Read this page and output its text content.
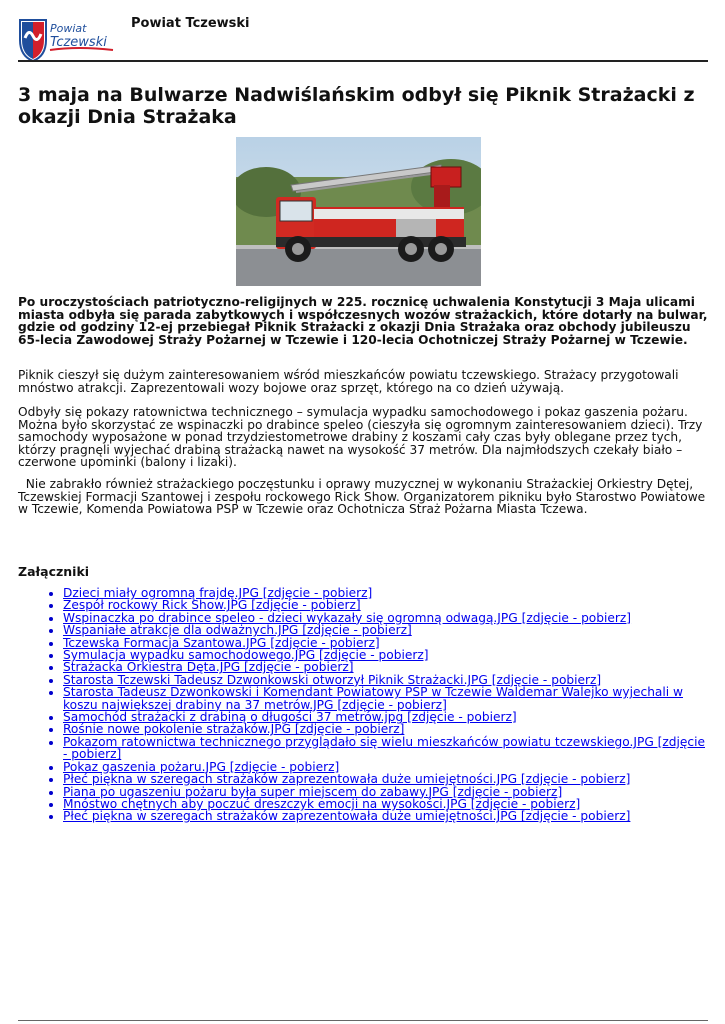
Powiat
Tczewski
Powiat Tczewski
3 maja na Bulwarze Nadwiślańskim odbył się Piknik Strażacki z okazji Dnia Strażaka

Po uroczystościach patriotyczno-religijnych w 225. rocznicę uchwalenia Konstytucji 3 Maja ulicami miasta odbyła się parada zabytkowych i współczesnych wozów strażackich, które dotarły na bulwar, gdzie od godziny 12-ej przebiegał Piknik Strażacki z okazji Dnia Strażaka oraz obchody jubileuszu 65-lecia Zawodowej Straży Pożarnej w Tczewie i 120-lecia Ochotniczej Straży Pożarnej w Tczewie.

Piknik cieszył się dużym zainteresowaniem wśród mieszkańców powiatu tczewskiego. Strażacy przygotowali mnóstwo atrakcji. Zaprezentowali wozy bojowe oraz sprzęt, którego na co dzień używają.

Odbyły się pokazy ratownictwa technicznego – symulacja wypadku samochodowego i pokaz gaszenia pożaru. Można było skorzystać ze wspinaczki po drabince speleo (cieszyła się ogromnym zainteresowaniem dzieci). Trzy samochody wyposażone w ponad trzydziestometrowe drabiny z koszami cały czas były oblegane przez tych, którzy pragnęli wyjechać drabiną strażacką nawet na wysokość 37 metrów. Dla najmłodszych czekały biało – czerwone upominki (balony i lizaki).

Nie zabrakło również strażackiego poczęstunku i oprawy muzycznej w wykonaniu Strażackiej Orkiestry Dętej, Tczewskiej Formacji Szantowej i zespołu rockowego Rick Show. Organizatorem pikniku było Starostwo Powiatowe w Tczewie, Komenda Powiatowa PSP w Tczewie oraz Ochotnicza Straż Pożarna Miasta Tczewa.

Załączniki
• Dzieci miały ogromną frajdę.JPG [zdjęcie - pobierz]
• Zespół rockowy Rick Show.JPG [zdjęcie - pobierz]
• Wspinaczka po drabince speleo - dzieci wykazały się ogromną odwagą.JPG [zdjęcie - pobierz]
• Wspaniałe atrakcje dla odważnych.JPG [zdjęcie - pobierz]
• Tczewska Formacja Szantowa.JPG [zdjęcie - pobierz]
• Symulacja wypadku samochodowego.JPG [zdjęcie - pobierz]
• Strażacka Orkiestra Dęta.JPG [zdjęcie - pobierz]
• Starosta Tczewski Tadeusz Dzwonkowski otworzył Piknik Strażacki.JPG [zdjęcie - pobierz]
• Starosta Tadeusz Dzwonkowski i Komendant Powiatowy PSP w Tczewie Waldemar Walejko wyjechali w koszu największej drabiny na 37 metrów.JPG [zdjęcie - pobierz]
• Samochód strażacki z drabiną o długości 37 metrów.jpg [zdjęcie - pobierz]
• Rośnie nowe pokolenie strażaków.JPG [zdjęcie - pobierz]
• Pokazom ratownictwa technicznego przyglądało się wielu mieszkańców powiatu tczewskiego.JPG [zdjęcie - pobierz]
• Pokaz gaszenia pożaru.JPG [zdjęcie - pobierz]
• Płeć piękna w szeregach strażaków zaprezentowała duże umiejętności.JPG [zdjęcie - pobierz]
• Piana po ugaszeniu pożaru była super miejscem do zabawy.JPG [zdjęcie - pobierz]
• Mnóstwo chętnych aby poczuć dreszczyk emocji na wysokości.JPG [zdjęcie - pobierz]
• Płeć piękna w szeregach strażaków zaprezentowała duże umiejętności.JPG [zdjęcie - pobierz]
